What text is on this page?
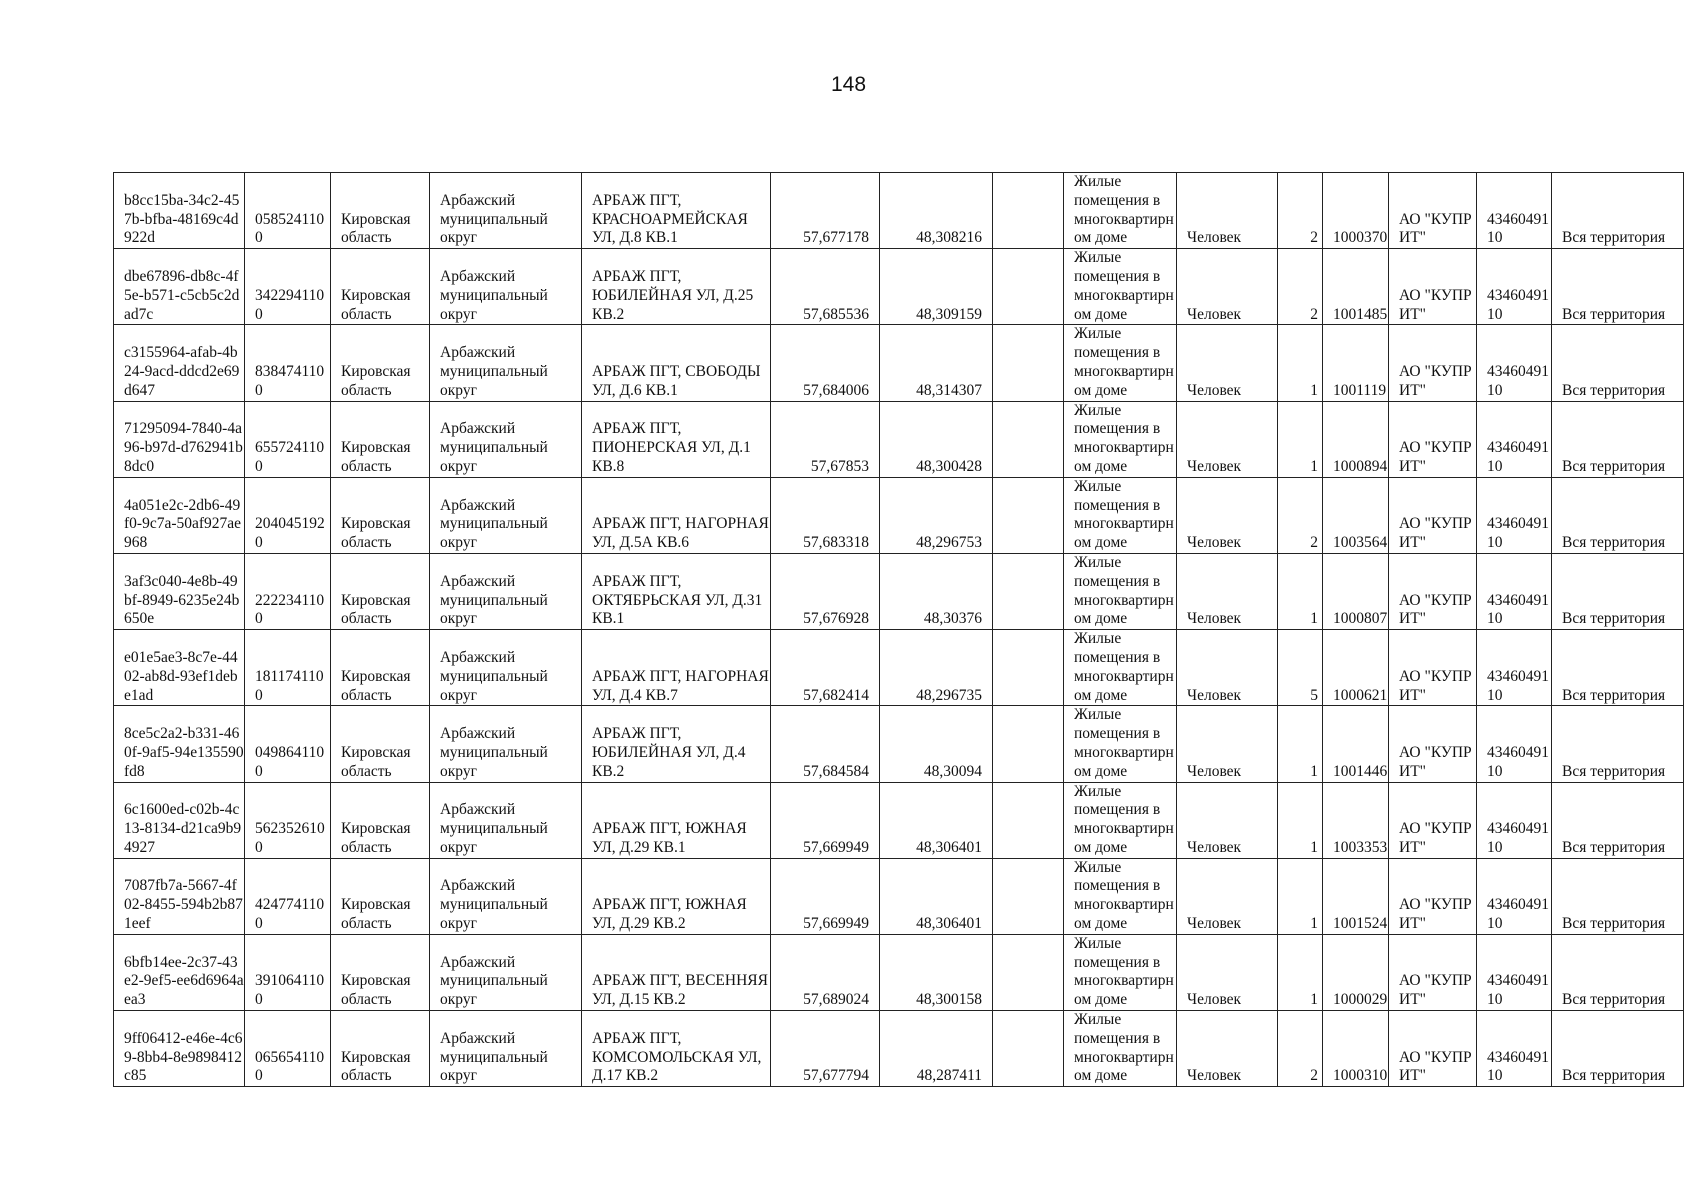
148
b8cc15ba-34c2-457b-bfba-48169c4d922d	0585241100	Кировская область	Арбажский муниципальный округ	АРБАЖ ПГТ, КРАСНОАРМЕЙСКАЯ УЛ, Д.8 КВ.1	57,677178	48,308216		Жилые помещения в многоквартирном доме	Человек	2	1000370	АО "КУПРИТ"	4346049110	Вся территория

dbe67896-db8c-4f5e-b571-c5cb5c2dad7c	3422941100	Кировская область	Арбажский муниципальный округ	АРБАЖ ПГТ, ЮБИЛЕЙНАЯ УЛ, Д.25 КВ.2	57,685536	48,309159		Жилые помещения в многоквартирном доме	Человек	2	1001485	АО "КУПРИТ"	4346049110	Вся территория

c3155964-afab-4b24-9acd-ddcd2e69d647	8384741100	Кировская область	Арбажский муниципальный округ	АРБАЖ ПГТ, СВОБОДЫ УЛ, Д.6 КВ.1	57,684006	48,314307		Жилые помещения в многоквартирном доме	Человек	1	1001119	АО "КУПРИТ"	4346049110	Вся территория

71295094-7840-4a96-b97d-d762941b8dc0	6557241100	Кировская область	Арбажский муниципальный округ	АРБАЖ ПГТ, ПИОНЕРСКАЯ УЛ, Д.1 КВ.8	57,67853	48,300428		Жилые помещения в многоквартирном доме	Человек	1	1000894	АО "КУПРИТ"	4346049110	Вся территория

4a051e2c-2db6-49f0-9c7a-50af927ae968	2040451920	Кировская область	Арбажский муниципальный округ	АРБАЖ ПГТ, НАГОРНАЯ УЛ, Д.5А КВ.6	57,683318	48,296753		Жилые помещения в многоквартирном доме	Человек	2	1003564	АО "КУПРИТ"	4346049110	Вся территория

3af3c040-4e8b-49bf-8949-6235e24b650e	2222341100	Кировская область	Арбажский муниципальный округ	АРБАЖ ПГТ, ОКТЯБРЬСКАЯ УЛ, Д.31 КВ.1	57,676928	48,30376		Жилые помещения в многоквартирном доме	Человек	1	1000807	АО "КУПРИТ"	4346049110	Вся территория

e01e5ae3-8c7e-4402-ab8d-93ef1debe1ad	1811741100	Кировская область	Арбажский муниципальный округ	АРБАЖ ПГТ, НАГОРНАЯ УЛ, Д.4 КВ.7	57,682414	48,296735		Жилые помещения в многоквартирном доме	Человек	5	1000621	АО "КУПРИТ"	4346049110	Вся территория

8ce5c2a2-b331-460f-9af5-94e135590fd8	0498641100	Кировская область	Арбажский муниципальный округ	АРБАЖ ПГТ, ЮБИЛЕЙНАЯ УЛ, Д.4 КВ.2	57,684584	48,30094		Жилые помещения в многоквартирном доме	Человек	1	1001446	АО "КУПРИТ"	4346049110	Вся территория

6c1600ed-c02b-4c13-8134-d21ca9b94927	5623526100	Кировская область	Арбажский муниципальный округ	АРБАЖ ПГТ, ЮЖНАЯ УЛ, Д.29 КВ.1	57,669949	48,306401		Жилые помещения в многоквартирном доме	Человек	1	1003353	АО "КУПРИТ"	4346049110	Вся территория

7087fb7a-5667-4f02-8455-594b2b871eef	4247741100	Кировская область	Арбажский муниципальный округ	АРБАЖ ПГТ, ЮЖНАЯ УЛ, Д.29 КВ.2	57,669949	48,306401		Жилые помещения в многоквартирном доме	Человек	1	1001524	АО "КУПРИТ"	4346049110	Вся территория

6bfb14ee-2c37-43e2-9ef5-ee6d6964aea3	3910641100	Кировская область	Арбажский муниципальный округ	АРБАЖ ПГТ, ВЕСЕННЯЯ УЛ, Д.15 КВ.2	57,689024	48,300158		Жилые помещения в многоквартирном доме	Человек	1	1000029	АО "КУПРИТ"	4346049110	Вся территория

9ff06412-e46e-4c69-8bb4-8e9898412c85	0656541100	Кировская область	Арбажский муниципальный округ	АРБАЖ ПГТ, КОМСОМОЛЬСКАЯ УЛ, Д.17 КВ.2	57,677794	48,287411		Жилые помещения в многоквартирном доме	Человек	2	1000310	АО "КУПРИТ"	4346049110	Вся территория
